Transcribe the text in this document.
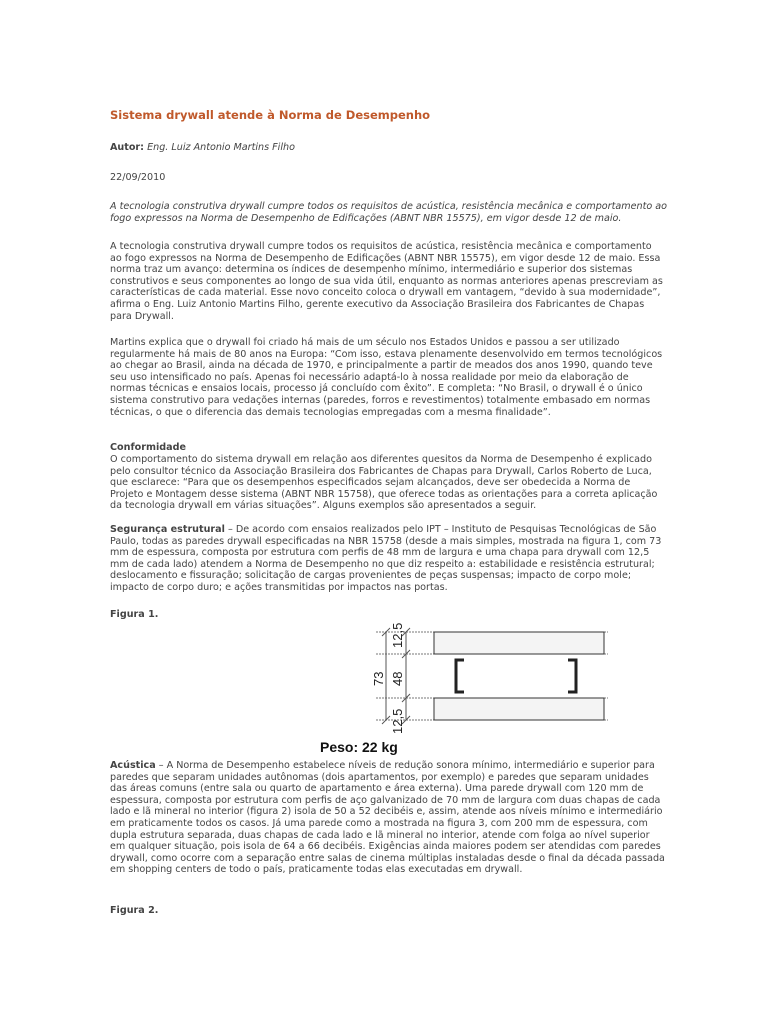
Sistema drywall atende à Norma de Desempenho
Autor: Eng. Luiz Antonio Martins Filho
22/09/2010
A tecnologia construtiva drywall cumpre todos os requisitos de acústica, resistência mecânica e comportamento ao fogo expressos na Norma de Desempenho de Edificações (ABNT NBR 15575), em vigor desde 12 de maio.

A tecnologia construtiva drywall cumpre todos os requisitos de acústica, resistência mecânica e comportamento ao fogo expressos na Norma de Desempenho de Edificações (ABNT NBR 15575), em vigor desde 12 de maio. Essa norma traz um avanço: determina os índices de desempenho mínimo, intermediário e superior dos sistemas construtivos e seus componentes ao longo de sua vida útil, enquanto as normas anteriores apenas prescreviam as características de cada material. Esse novo conceito coloca o drywall em vantagem, “devido à sua modernidade”, afirma o Eng. Luiz Antonio Martins Filho, gerente executivo da Associação Brasileira dos Fabricantes de Chapas para Drywall.

Martins explica que o drywall foi criado há mais de um século nos Estados Unidos e passou a ser utilizado regularmente há mais de 80 anos na Europa: “Com isso, estava plenamente desenvolvido em termos tecnológicos ao chegar ao Brasil, ainda na década de 1970, e principalmente a partir de meados dos anos 1990, quando teve seu uso intensificado no país. Apenas foi necessário adaptá-lo à nossa realidade por meio da elaboração de normas técnicas e ensaios locais, processo já concluído com êxito”. E completa: “No Brasil, o drywall é o único sistema construtivo para vedações internas (paredes, forros e revestimentos) totalmente embasado em normas técnicas, o que o diferencia das demais tecnologias empregadas com a mesma finalidade”.

Conformidade

O comportamento do sistema drywall em relação aos diferentes quesitos da Norma de Desempenho é explicado pelo consultor técnico da Associação Brasileira dos Fabricantes de Chapas para Drywall, Carlos Roberto de Luca, que esclarece: “Para que os desempenhos especificados sejam alcançados, deve ser obedecida a Norma de Projeto e Montagem desse sistema (ABNT NBR 15758), que oferece todas as orientações para a correta aplicação da tecnologia drywall em várias situações”. Alguns exemplos são apresentados a seguir.

Segurança estrutural – De acordo com ensaios realizados pelo IPT – Instituto de Pesquisas Tecnológicas de São Paulo, todas as paredes drywall especificadas na NBR 15758 (desde a mais simples, mostrada na figura 1, com 73 mm de espessura, composta por estrutura com perfis de 48 mm de largura e uma chapa para drywall com 12,5 mm de cada lado) atendem a Norma de Desempenho no que diz respeito a: estabilidade e resistência estrutural; deslocamento e fissuração; solicitação de cargas provenientes de peças suspensas; impacto de corpo mole; impacto de corpo duro; e ações transmitidas por impactos nas portas.

Figura 1.
12,5
73 48
12,5
Peso: 22 kg

Acústica – A Norma de Desempenho estabelece níveis de redução sonora mínimo, intermediário e superior para paredes que separam unidades autônomas (dois apartamentos, por exemplo) e paredes que separam unidades das áreas comuns (entre sala ou quarto de apartamento e área externa). Uma parede drywall com 120 mm de espessura, composta por estrutura com perfis de aço galvanizado de 70 mm de largura com duas chapas de cada lado e lã mineral no interior (figura 2) isola de 50 a 52 decibéis e, assim, atende aos níveis mínimo e intermediário em praticamente todos os casos. Já uma parede como a mostrada na figura 3, com 200 mm de espessura, com dupla estrutura separada, duas chapas de cada lado e lã mineral no interior, atende com folga ao nível superior em qualquer situação, pois isola de 64 a 66 decibéis. Exigências ainda maiores podem ser atendidas com paredes drywall, como ocorre com a separação entre salas de cinema múltiplas instaladas desde o final da década passada em shopping centers de todo o país, praticamente todas elas executadas em drywall.

Figura 2.
